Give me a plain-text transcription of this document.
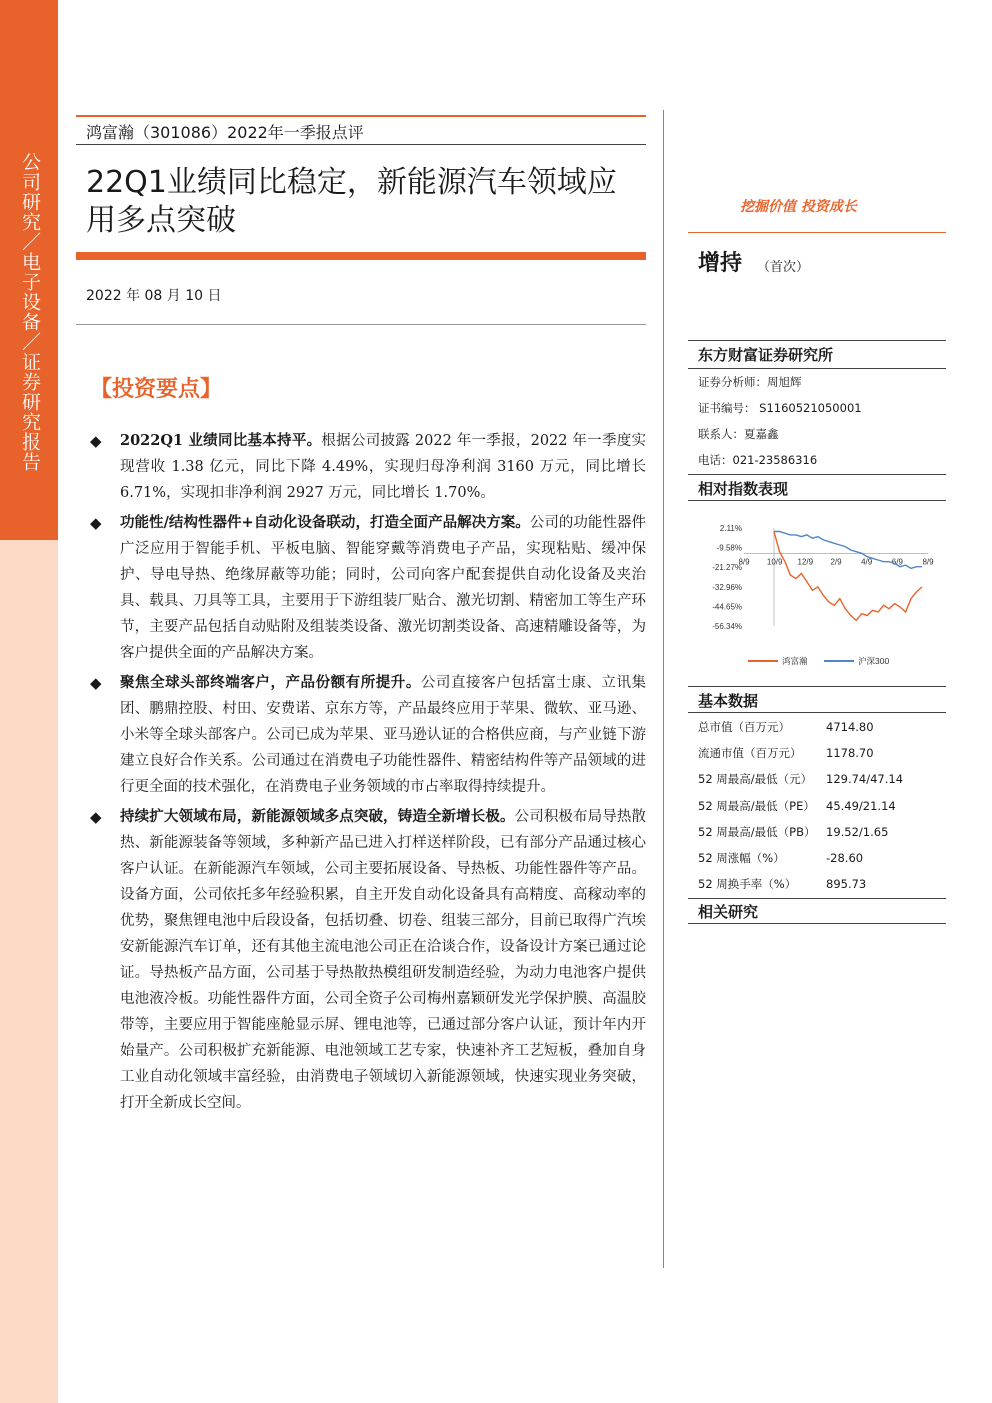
公司研究／电子设备／证券研究报告
鸿富瀚（301086）2022年一季报点评
22Q1业绩同比稳定，新能源汽车领域应用多点突破
2022 年 08 月 10 日
【投资要点】
◆ 2022Q1 业绩同比基本持平。根据公司披露 2022 年一季报，2022 年一季度实现营收 1.38 亿元，同比下降 4.49%，实现归母净利润 3160 万元，同比增长 6.71%，实现扣非净利润 2927 万元，同比增长 1.70%。
◆ 功能性/结构性器件+自动化设备联动，打造全面产品解决方案。公司的功能性器件广泛应用于智能手机、平板电脑、智能穿戴等消费电子产品，实现粘贴、缓冲保护、导电导热、绝缘屏蔽等功能；同时，公司向客户配套提供自动化设备及夹治具、载具、刀具等工具，主要用于下游组装厂贴合、激光切割、精密加工等生产环节，主要产品包括自动贴附及组装类设备、激光切割类设备、高速精雕设备等，为客户提供全面的产品解决方案。
◆ 聚焦全球头部终端客户，产品份额有所提升。公司直接客户包括富士康、立讯集团、鹏鼎控股、村田、安费诺、京东方等，产品最终应用于苹果、微软、亚马逊、小米等全球头部客户。公司已成为苹果、亚马逊认证的合格供应商，与产业链下游建立良好合作关系。公司通过在消费电子功能性器件、精密结构件等产品领域的进行更全面的技术强化，在消费电子业务领域的市占率取得持续提升。
◆ 持续扩大领域布局，新能源领域多点突破，铸造全新增长极。公司积极布局导热散热、新能源装备等领域，多种新产品已进入打样送样阶段，已有部分产品通过核心客户认证。在新能源汽车领域，公司主要拓展设备、导热板、功能性器件等产品。设备方面，公司依托多年经验积累，自主开发自动化设备具有高精度、高稼动率的优势，聚焦锂电池中后段设备，包括切叠、切卷、组装三部分，目前已取得广汽埃安新能源汽车订单，还有其他主流电池公司正在洽谈合作，设备设计方案已通过论证。导热板产品方面，公司基于导热散热模组研发制造经验，为动力电池客户提供电池液冷板。功能性器件方面，公司全资子公司梅州嘉颖研发光学保护膜、高温胶带等，主要应用于智能座舱显示屏、锂电池等，已通过部分客户认证，预计年内开始量产。公司积极扩充新能源、电池领域工艺专家，快速补齐工艺短板，叠加自身工业自动化领域丰富经验，由消费电子领域切入新能源领域，快速实现业务突破，打开全新成长空间。
挖掘价值 投资成长
增持 （首次）
东方财富证券研究所
证券分析师：周旭辉
证书编号： S1160521050001
联系人：夏嘉鑫
电话：021-23586316
相对指数表现
2.11%
-9.58%
-21.27%
-32.96%
-44.65%
-56.34%
8/9 10/9 12/9 2/9 4/9 6/9 8/9
鸿富瀚	沪深300
基本数据
总市值（百万元）	4714.80
流通市值（百万元） 1178.70
52 周最高/最低（元） 129.74/47.14
52 周最高/最低（PE） 45.49/21.14
52 周最高/最低（PB） 19.52/1.65
52 周涨幅（%）	-28.60
52 周换手率（%）	895.73
相关研究
